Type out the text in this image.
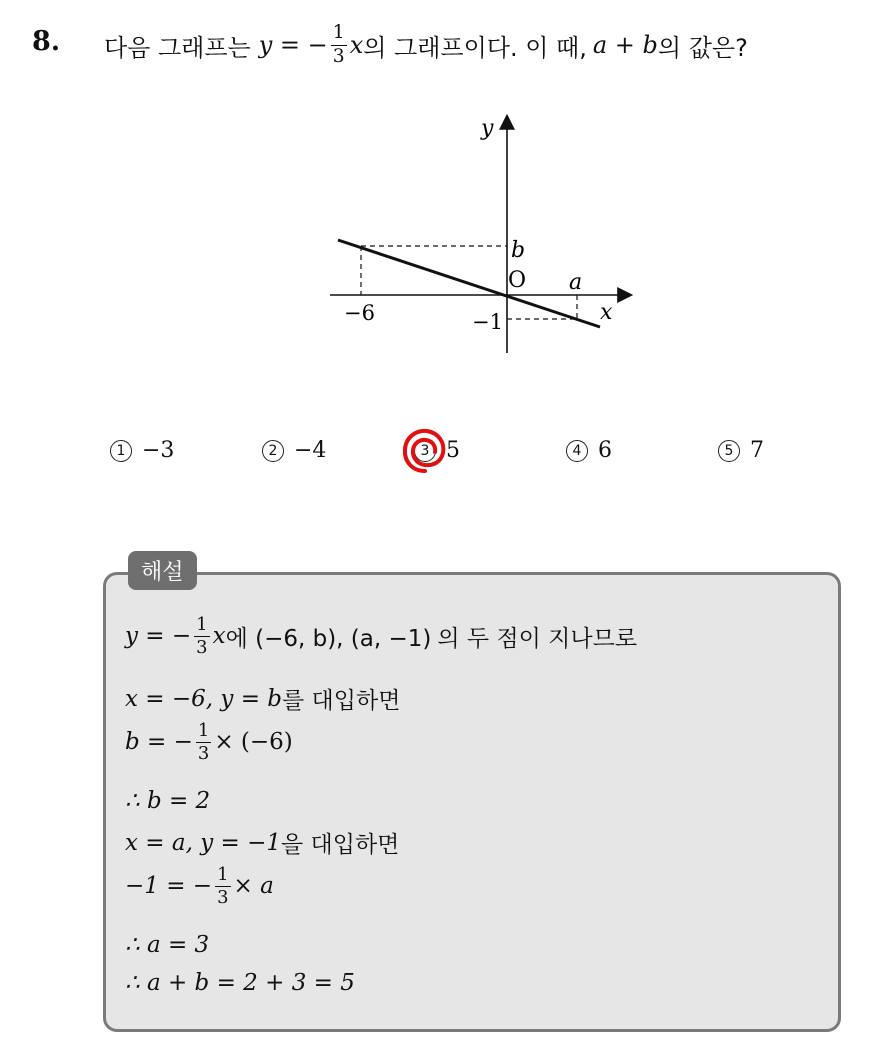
8. 다음 그래프는 y = − $\frac{1}{3}$ x 의 그래프이다. 이 때, a + b 의 값은?
y
x
O
b
a
−6	−1
1 −3	2 −4	3 5	4 6	5 7
해설
y = − $\frac{1}{3}$ x 에 (−6, b), (a, −1) 의 두 점이 지나므로
x = −6, y = b 를 대입하면
b = − $\frac{1}{3} \times (-6)$
∴ b = 2
x = a, y = −1 을 대입하면
−1 = − $\frac{1}{3} \times a$
∴ a = 3
∴ a + b = 2 + 3 = 5
